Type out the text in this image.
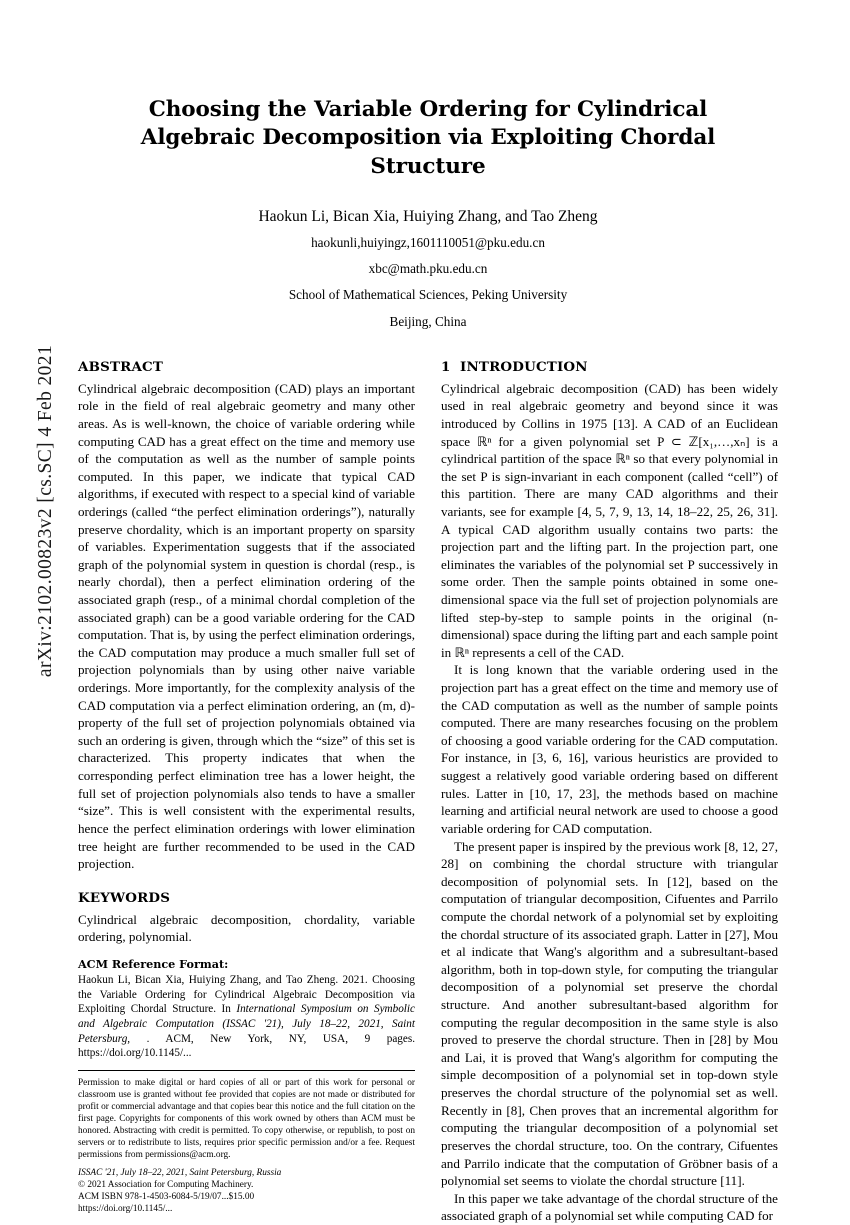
arXiv:2102.00823v2 [cs.SC] 4 Feb 2021
Choosing the Variable Ordering for Cylindrical Algebraic Decomposition via Exploiting Chordal Structure
Haokun Li, Bican Xia, Huiying Zhang, and Tao Zheng
haokunli,huiyingz,1601110051@pku.edu.cn
xbc@math.pku.edu.cn
School of Mathematical Sciences, Peking University
Beijing, China
ABSTRACT

Cylindrical algebraic decomposition (CAD) plays an important role in the field of real algebraic geometry and many other areas. As is well-known, the choice of variable ordering while computing CAD has a great effect on the time and memory use of the computation as well as the number of sample points computed. In this paper, we indicate that typical CAD algorithms, if executed with respect to a special kind of variable orderings (called “the perfect elimination orderings”), naturally preserve chordality, which is an important property on sparsity of variables. Experimentation suggests that if the associated graph of the polynomial system in question is chordal (resp., is nearly chordal), then a perfect elimination ordering of the associated graph (resp., of a minimal chordal completion of the associated graph) can be a good variable ordering for the CAD computation. That is, by using the perfect elimination orderings, the CAD computation may produce a much smaller full set of projection polynomials than by using other naive variable orderings. More importantly, for the complexity analysis of the CAD computation via a perfect elimination ordering, an (m, d)-property of the full set of projection polynomials obtained via such an ordering is given, through which the “size” of this set is characterized. This property indicates that when the corresponding perfect elimination tree has a lower height, the full set of projection polynomials also tends to have a smaller “size”. This is well consistent with the experimental results, hence the perfect elimination orderings with lower elimination tree height are further recommended to be used in the CAD projection.

KEYWORDS

Cylindrical algebraic decomposition, chordality, variable ordering, polynomial.

ACM Reference Format:
Haokun Li, Bican Xia, Huiying Zhang, and Tao Zheng. 2021. Choosing the Variable Ordering for Cylindrical Algebraic Decomposition via Exploiting Chordal Structure. In International Symposium on Symbolic and Algebraic Computation (ISSAC '21), July 18–22, 2021, Saint Petersburg, . ACM, New York, NY, USA, 9 pages. https://doi.org/10.1145/...
Permission to make digital or hard copies of all or part of this work for personal or classroom use is granted without fee provided that copies are not made or distributed for profit or commercial advantage and that copies bear this notice and the full citation on the first page. Copyrights for components of this work owned by others than ACM must be honored. Abstracting with credit is permitted. To copy otherwise, or republish, to post on servers or to redistribute to lists, requires prior specific permission and/or a fee. Request permissions from permissions@acm.org.
ISSAC '21, July 18–22, 2021, Saint Petersburg, Russia
© 2021 Association for Computing Machinery.
ACM ISBN 978-1-4503-6084-5/19/07...$15.00
https://doi.org/10.1145/...
1 INTRODUCTION

Cylindrical algebraic decomposition (CAD) has been widely used in real algebraic geometry and beyond since it was introduced by Collins in 1975 [13]. A CAD of an Euclidean space ℝⁿ for a given polynomial set P ⊂ ℤ[x₁,…,xₙ] is a cylindrical partition of the space ℝⁿ so that every polynomial in the set P is sign-invariant in each component (called “cell”) of this partition. There are many CAD algorithms and their variants, see for example [4, 5, 7, 9, 13, 14, 18–22, 25, 26, 31]. A typical CAD algorithm usually contains two parts: the projection part and the lifting part. In the projection part, one eliminates the variables of the polynomial set P successively in some order. Then the sample points obtained in some one-dimensional space via the full set of projection polynomials are lifted step-by-step to sample points in the original (n-dimensional) space during the lifting part and each sample point in ℝⁿ represents a cell of the CAD.

It is long known that the variable ordering used in the projection part has a great effect on the time and memory use of the CAD computation as well as the number of sample points computed. There are many researches focusing on the problem of choosing a good variable ordering for the CAD computation. For instance, in [3, 6, 16], various heuristics are provided to suggest a relatively good variable ordering based on different rules. Latter in [10, 17, 23], the methods based on machine learning and artificial neural network are used to choose a good variable ordering for CAD computation.

The present paper is inspired by the previous work [8, 12, 27, 28] on combining the chordal structure with triangular decomposition of polynomial sets. In [12], based on the computation of triangular decomposition, Cifuentes and Parrilo compute the chordal network of a polynomial set by exploiting the chordal structure of its associated graph. Latter in [27], Mou et al indicate that Wang's algorithm and a subresultant-based algorithm, both in top-down style, for computing the triangular decomposition of a polynomial set preserve the chordal structure. And another subresultant-based algorithm for computing the regular decomposition in the same style is also proved to preserve the chordal structure. Then in [28] by Mou and Lai, it is proved that Wang's algorithm for computing the simple decomposition of a polynomial set in top-down style preserves the chordal structure of the polynomial set as well. Recently in [8], Chen proves that an incremental algorithm for computing the triangular decomposition of a polynomial set preserves the chordal structure, too. On the contrary, Cifuentes and Parrilo indicate that the computation of Gröbner basis of a polynomial set seems to violate the chordal structure [11].

In this paper we take advantage of the chordal structure of the associated graph of a polynomial set while computing CAD for
